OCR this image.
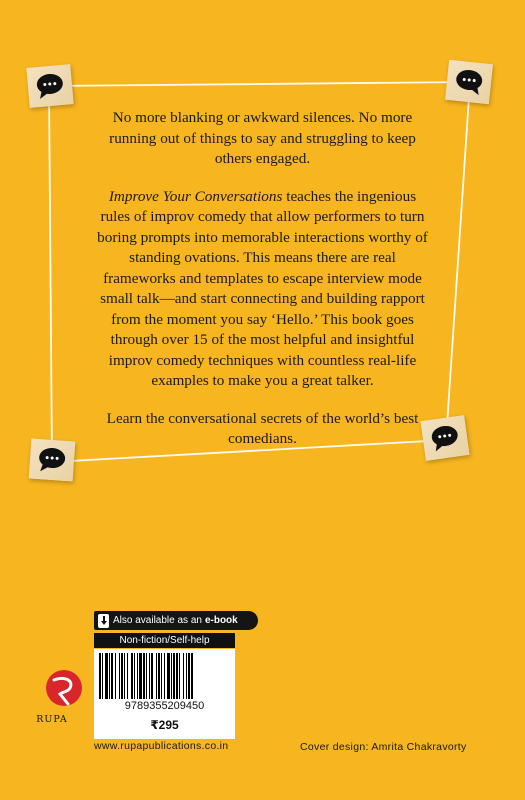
No more blanking or awkward silences. No more running out of things to say and struggling to keep others engaged.

Improve Your Conversations teaches the ingenious rules of improv comedy that allow performers to turn boring prompts into memorable interactions worthy of standing ovations. This means there are real frameworks and templates to escape interview mode small talk—and start connecting and building rapport from the moment you say ‘Hello.’ This book goes through over 15 of the most helpful and insightful improv comedy techniques with countless real-life examples to make you a great talker.

Learn the conversational secrets of the world’s best comedians.

Also available as an e-book
Non-fiction/Self-help
9789355209450
₹295
RUPA
www.rupapublications.co.in	Cover design: Amrita Chakravorty
